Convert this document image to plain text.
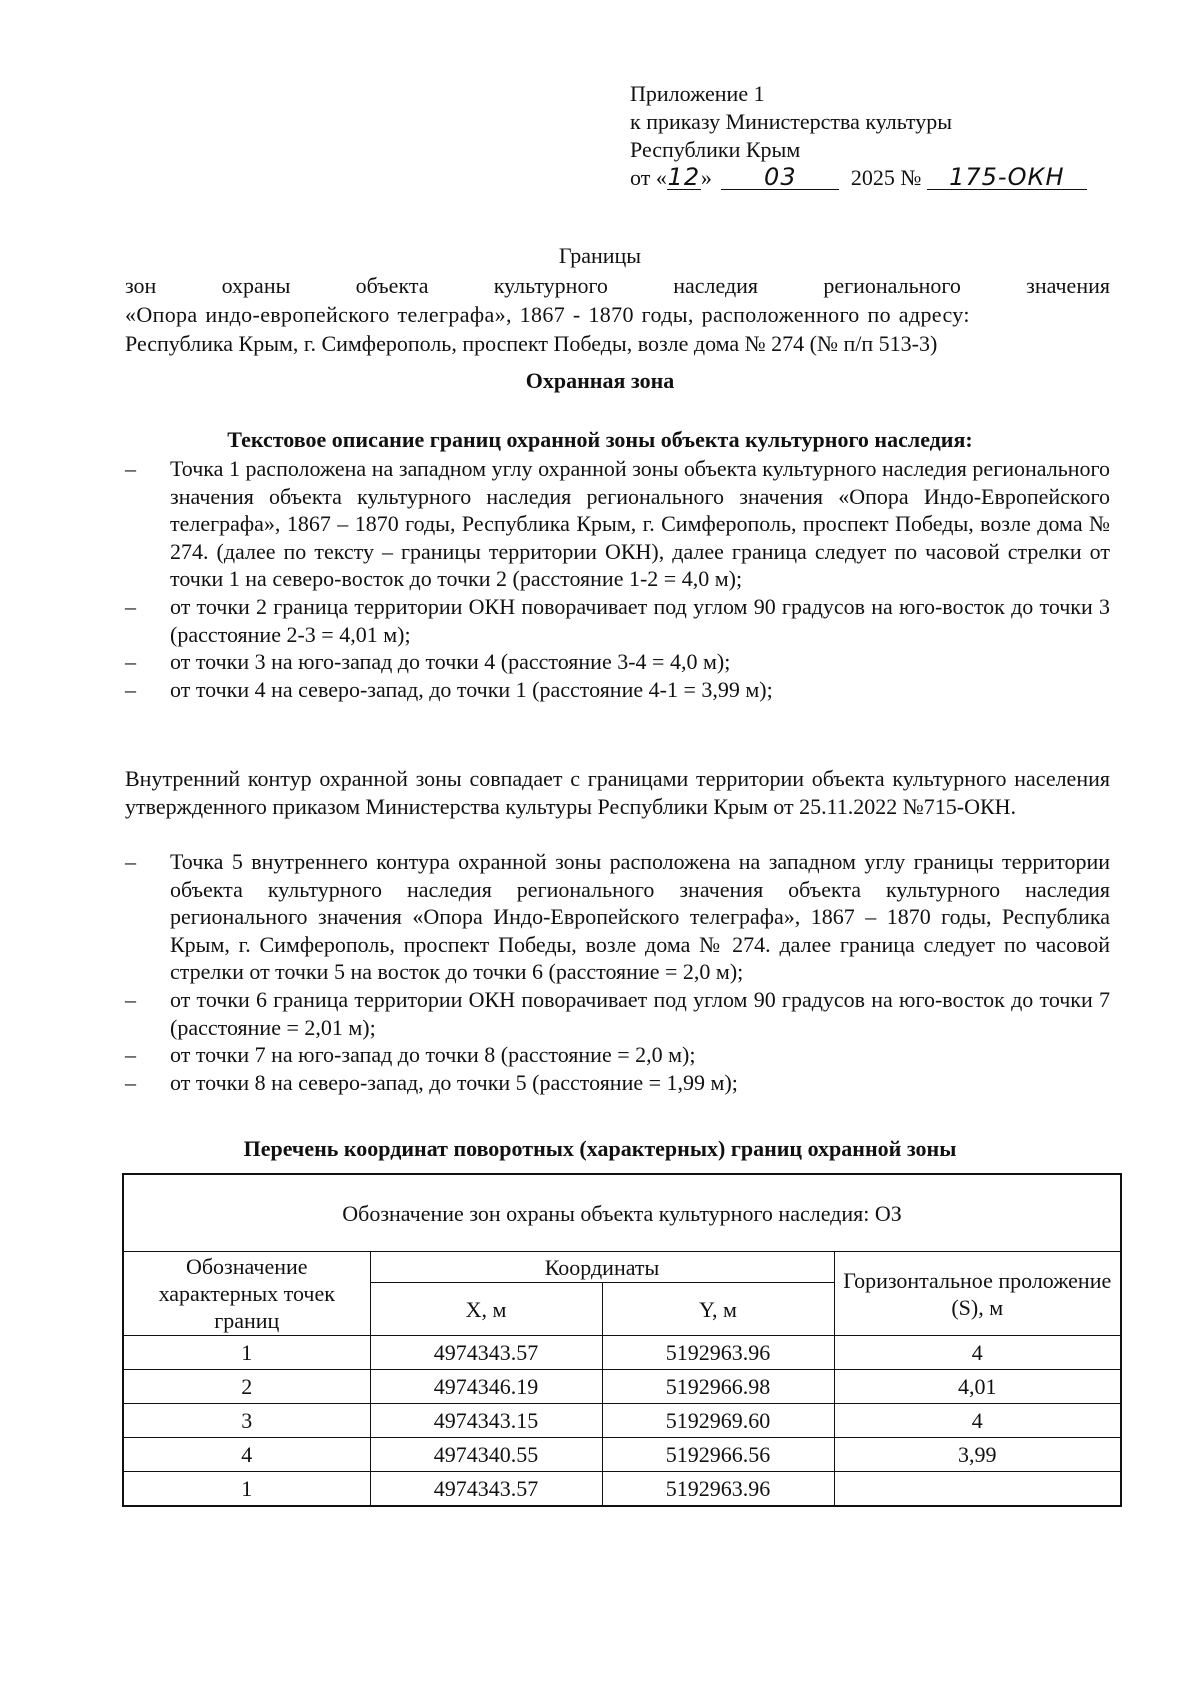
Приложение 1
к приказу Министерства культуры
Республики Крым
от «12» 03 2025 № 175-ОКН
Границы
зон	охраны	объекта	культурного	наследия	регионального	значения
«Опора индо-европейского телеграфа», 1867 - 1870 годы, расположенного по адресу:
Республика Крым, г. Симферополь, проспект Победы, возле дома № 274 (№ п/п 513-3)
Охранная зона
Текстовое описание границ охранной зоны объекта культурного наследия:
– Точка 1 расположена на западном углу охранной зоны объекта культурного наследия регионального значения объекта культурного наследия регионального значения «Опора Индо-Европейского телеграфа», 1867 – 1870 годы, Республика Крым, г. Симферополь, проспект Победы, возле дома № 274. (далее по тексту – границы территории ОКН), далее граница следует по часовой стрелки от точки 1 на северо-восток до точки 2 (расстояние 1-2 = 4,0 м);
– от точки 2 граница территории ОКН поворачивает под углом 90 градусов на юго-восток до точки 3 (расстояние 2-3 = 4,01 м);
– от точки 3 на юго-запад до точки 4 (расстояние 3-4 = 4,0 м);
– от точки 4 на северо-запад, до точки 1 (расстояние 4-1 = 3,99 м);
Внутренний контур охранной зоны совпадает с границами территории объекта культурного населения утвержденного приказом Министерства культуры Республики Крым от 25.11.2022 №715-ОКН.
– Точка 5 внутреннего контура охранной зоны расположена на западном углу границы территории объекта культурного наследия регионального значения объекта культурного наследия регионального значения «Опора Индо-Европейского телеграфа», 1867 – 1870 годы, Республика Крым, г. Симферополь, проспект Победы, возле дома № 274. далее граница следует по часовой стрелки от точки 5 на восток до точки 6 (расстояние = 2,0 м);
– от точки 6 граница территории ОКН поворачивает под углом 90 градусов на юго-восток до точки 7 (расстояние = 2,01 м);
– от точки 7 на юго-запад до точки 8 (расстояние = 2,0 м);
– от точки 8 на северо-запад, до точки 5 (расстояние = 1,99 м);
Перечень координат поворотных (характерных) границ охранной зоны
Обозначение зон охраны объекта культурного наследия: ОЗ			
Обозначение характерных точек границ	Координаты		Горизонтальное проложение (S), м
	X, м	Y, м	
1	4974343.57	5192963.96	4
2	4974346.19	5192966.98	4,01
3	4974343.15	5192969.60	4
4	4974340.55	5192966.56	3,99
1	4974343.57	5192963.96	
